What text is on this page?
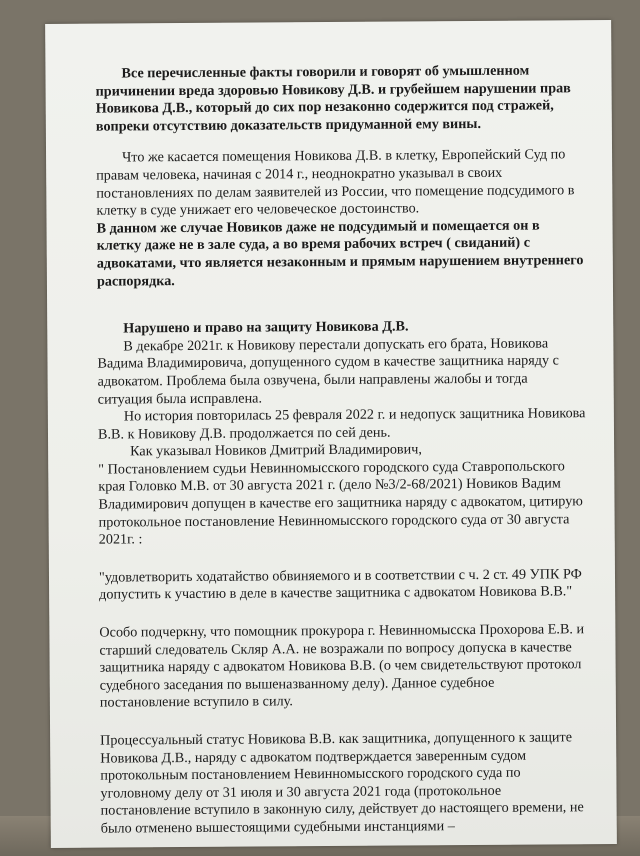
Все перечисленные факты говорили и говорят об умышленном причинении вреда здоровью Новикову Д.В. и грубейшем нарушении прав Новикова Д.В., который до сих пор незаконно содержится под стражей, вопреки отсутствию доказательств придуманной ему вины.

Что же касается помещения Новикова Д.В. в клетку, Европейский Суд по правам человека, начиная с 2014 г., неоднократно указывал в своих постановлениях по делам заявителей из России, что помещение подсудимого в клетку в суде унижает его человеческое достоинство.

В данном же случае Новиков даже не подсудимый и помещается он в клетку даже не в зале суда, а во время рабочих встреч ( свиданий) с адвокатами, что является незаконным и прямым нарушением внутреннего распорядка.

Нарушено и право на защиту Новикова Д.В.

В декабре 2021г. к Новикову перестали допускать его брата, Новикова Вадима Владимировича, допущенного судом в качестве защитника наряду с адвокатом. Проблема была озвучена, были направлены жалобы и тогда ситуация была исправлена.

Но история повторилась 25 февраля 2022 г. и недопуск защитника Новикова В.В. к Новикову Д.В. продолжается по сей день.

Как указывал Новиков Дмитрий Владимирович,

" Постановлением судьи Невинномысского городского суда Ставропольского края Головко М.В. от 30 августа 2021 г. (дело №3/2-68/2021) Новиков Вадим Владимирович допущен в качестве его защитника наряду с адвокатом, цитирую протокольное постановление Невинномысского городского суда от 30 августа 2021г. :

"удовлетворить ходатайство обвиняемого и в соответствии с ч. 2 ст. 49 УПК РФ допустить к участию в деле в качестве защитника с адвокатом Новикова В.В."

Особо подчеркну, что помощник прокурора г. Невинномысска Прохорова Е.В. и старший следователь Скляр А.А. не возражали по вопросу допуска в качестве защитника наряду с адвокатом Новикова В.В. (о чем свидетельствуют протокол судебного заседания по вышеназванному делу). Данное судебное постановление вступило в силу.

Процессуальный статус Новикова В.В. как защитника, допущенного к защите Новикова Д.В., наряду с адвокатом подтверждается заверенным судом протокольным постановлением Невинномысского городского суда по уголовному делу от 31 июля и 30 августа 2021 года (протокольное постановление вступило в законную силу, действует до настоящего времени, не было отменено вышестоящими судебными инстанциями –
